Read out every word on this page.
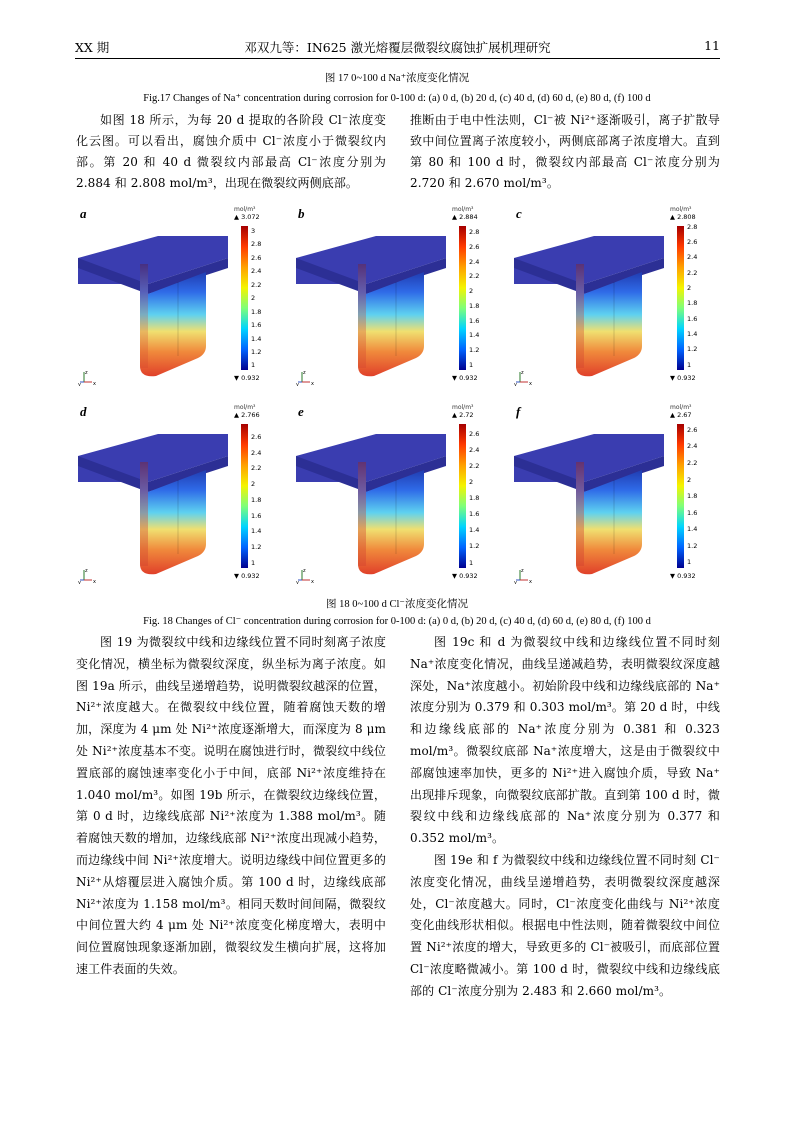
XX 期	邓双九等：IN625 激光熔覆层微裂纹腐蚀扩展机理研究	11
图 17 0~100 d Na⁺浓度变化情况
Fig.17 Changes of Na⁺ concentration during corrosion for 0-100 d: (a) 0 d, (b) 20 d, (c) 40 d, (d) 60 d, (e) 80 d, (f) 100 d

如图 18 所示，为每 20 d 提取的各阶段 Cl⁻浓度变化云图。可以看出，腐蚀介质中 Cl⁻浓度小于微裂纹内部。第 20 和 40 d 微裂纹内部最高 Cl⁻浓度分别为 2.884 和 2.808 mol/m³，出现在微裂纹两侧底部。

推断由于电中性法则，Cl⁻被 Ni²⁺逐渐吸引，离子扩散导致中间位置离子浓度较小，两侧底部离子浓度增大。直到第 80 和 100 d 时，微裂纹内部最高 Cl⁻浓度分别为 2.720 和 2.670 mol/m³。

a	mol/m³
▲ 3.072
3
2.8
2.6
2.4
2.2
2
1.8
1.6
1.4
1.2
1
▼ 0.932
z
y x
b	mol/m³
▲ 2.884
2.8
2.6
2.4
2.2
2
1.8
1.6
1.4
1.2
1
▼ 0.932
z
y x
c	mol/m³
▲ 2.808
2.8
2.6
2.4
2.2
2
1.8
1.6
1.4
1.2
1
▼ 0.932
z
y x
d	mol/m³
▲ 2.766
2.6
2.4
2.2
2
1.8
1.6
1.4
1.2
1
▼ 0.932
z
y x
e	mol/m³
▲ 2.72
2.6
2.4
2.2
2
1.8
1.6
1.4
1.2
1
▼ 0.932
z
y x
f	mol/m³
▲ 2.67
2.6
2.4
2.2
2
1.8
1.6
1.4
1.2
1
▼ 0.932
z
y x
图 18 0~100 d Cl⁻浓度变化情况
Fig. 18 Changes of Cl⁻ concentration during corrosion for 0-100 d: (a) 0 d, (b) 20 d, (c) 40 d, (d) 60 d, (e) 80 d, (f) 100 d

图 19 为微裂纹中线和边缘线位置不同时刻离子浓度变化情况，横坐标为微裂纹深度，纵坐标为离子浓度。如图 19a 所示，曲线呈递增趋势，说明微裂纹越深的位置，Ni²⁺浓度越大。在微裂纹中线位置，随着腐蚀天数的增加，深度为 4 μm 处 Ni²⁺浓度逐渐增大，而深度为 8 μm 处 Ni²⁺浓度基本不变。说明在腐蚀进行时，微裂纹中线位置底部的腐蚀速率变化小于中间，底部 Ni²⁺浓度维持在 1.040 mol/m³。如图 19b 所示，在微裂纹边缘线位置，第 0 d 时，边缘线底部 Ni²⁺浓度为 1.388 mol/m³。随着腐蚀天数的增加，边缘线底部 Ni²⁺浓度出现减小趋势，而边缘线中间 Ni²⁺浓度增大。说明边缘线中间位置更多的 Ni²⁺从熔覆层进入腐蚀介质。第 100 d 时，边缘线底部 Ni²⁺浓度为 1.158 mol/m³。相同天数时间间隔，微裂纹中间位置大约 4 μm 处 Ni²⁺浓度变化梯度增大，表明中间位置腐蚀现象逐渐加剧，微裂纹发生横向扩展，这将加速工件表面的失效。

图 19c 和 d 为微裂纹中线和边缘线位置不同时刻 Na⁺浓度变化情况，曲线呈递减趋势，表明微裂纹深度越深处，Na⁺浓度越小。初始阶段中线和边缘线底部的 Na⁺浓度分别为 0.379 和 0.303 mol/m³。第 20 d 时，中线和边缘线底部的 Na⁺浓度分别为 0.381 和 0.323 mol/m³。微裂纹底部 Na⁺浓度增大，这是由于微裂纹中部腐蚀速率加快，更多的 Ni²⁺进入腐蚀介质，导致 Na⁺出现排斥现象，向微裂纹底部扩散。直到第 100 d 时，微裂纹中线和边缘线底部的 Na⁺浓度分别为 0.377 和 0.352 mol/m³。

图 19e 和 f 为微裂纹中线和边缘线位置不同时刻 Cl⁻浓度变化情况，曲线呈递增趋势，表明微裂纹深度越深处，Cl⁻浓度越大。同时，Cl⁻浓度变化曲线与 Ni²⁺浓度变化曲线形状相似。根据电中性法则，随着微裂纹中间位置 Ni²⁺浓度的增大，导致更多的 Cl⁻被吸引，而底部位置 Cl⁻浓度略微减小。第 100 d 时，微裂纹中线和边缘线底部的 Cl⁻浓度分别为 2.483 和 2.660 mol/m³。
